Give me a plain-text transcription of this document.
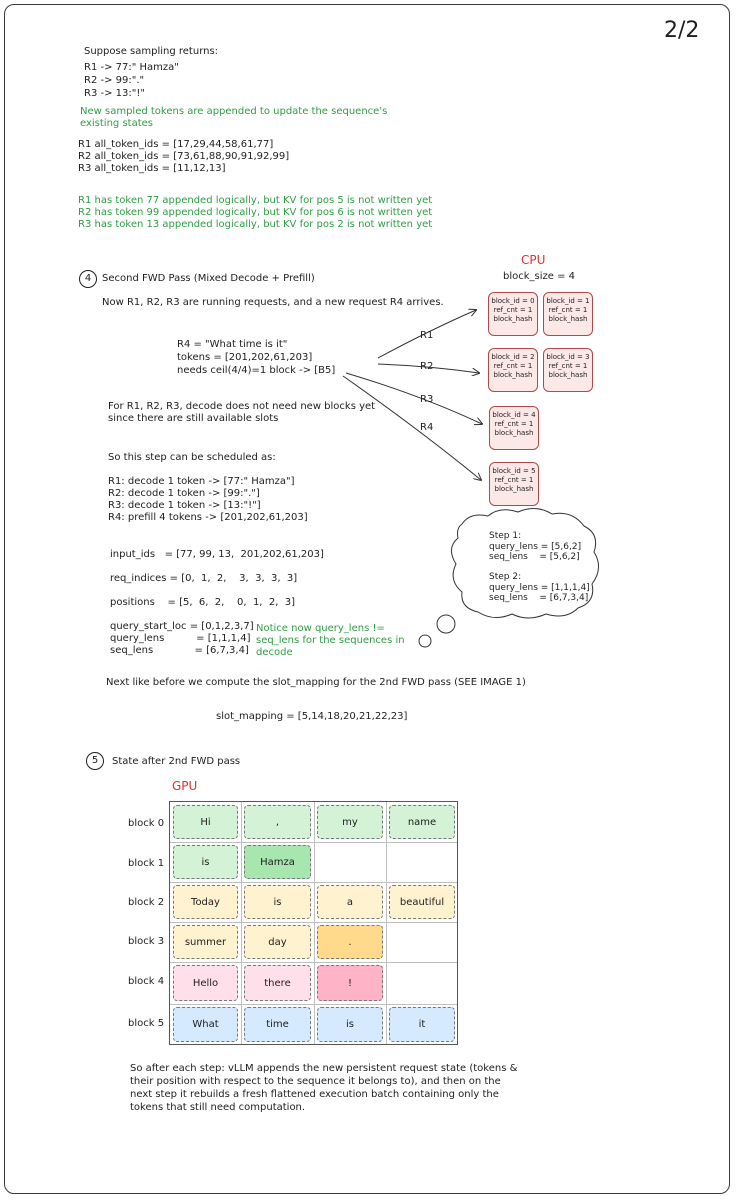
2/2
Suppose sampling returns:
R1 -> 77:" Hamza"
R2 -> 99:"."
R3 -> 13:"!"
New sampled tokens are appended to update the sequence's
existing states
R1 all_token_ids = [17,29,44,58,61,77]
R2 all_token_ids = [73,61,88,90,91,92,99]
R3 all_token_ids = [11,12,13]
R1 has token 77 appended logically, but KV for pos 5 is not written yet
R2 has token 99 appended logically, but KV for pos 6 is not written yet
R3 has token 13 appended logically, but KV for pos 2 is not written yet
4	Second FWD Pass (Mixed Decode + Prefill)
Now R1, R2, R3 are running requests, and a new request R4 arrives.
R4 = "What time is it"
tokens = [201,202,61,203]
needs ceil(4/4)=1 block -> [B5]
For R1, R2, R3, decode does not need new blocks yet
since there are still available slots
So this step can be scheduled as:
R1: decode 1 token -> [77:" Hamza"]
R2: decode 1 token -> [99:"."]
R3: decode 1 token -> [13:"!"]
R4: prefill 4 tokens -> [201,202,61,203]
input_ids   = [77, 99, 13,  201,202,61,203]
req_indices = [0,  1,  2,    3,  3,  3,  3]
positions    = [5,  6,  2,    0,  1,  2,  3]
query_start_loc = [0,1,2,3,7]
query_lens          = [1,1,1,4]
seq_lens             = [6,7,3,4]
Notice now query_lens !=
seq_lens for the sequences in
decode
Next like before we compute the slot_mapping for the 2nd FWD pass (SEE IMAGE 1)
slot_mapping = [5,14,18,20,21,22,23]
CPU
block_size = 4
R1
R2
R3
R4
block_id = 0
ref_cnt = 1
block_hash
block_id = 1
ref_cnt = 1
block_hash
block_id = 2
ref_cnt = 1
block_hash
block_id = 3
ref_cnt = 1
block_hash
block_id = 4
ref_cnt = 1
block_hash
block_id = 5
ref_cnt = 1
block_hash
Step 1:
query_lens = [5,6,2]
seq_lens    = [5,6,2]
Step 2:
query_lens = [1,1,1,4]
seq_lens    = [6,7,3,4]
5	State after 2nd FWD pass
GPU
block 0
block 1
block 2
block 3
block 4
block 5
Hi	,	my	name
is	Hamza
Today	is	a	beautiful
summer	day	.
Hello	there	!
What	time	is	it
So after each step: vLLM appends the new persistent request state (tokens &
their position with respect to the sequence it belongs to), and then on the
next step it rebuilds a fresh flattened execution batch containing only the
tokens that still need computation.
